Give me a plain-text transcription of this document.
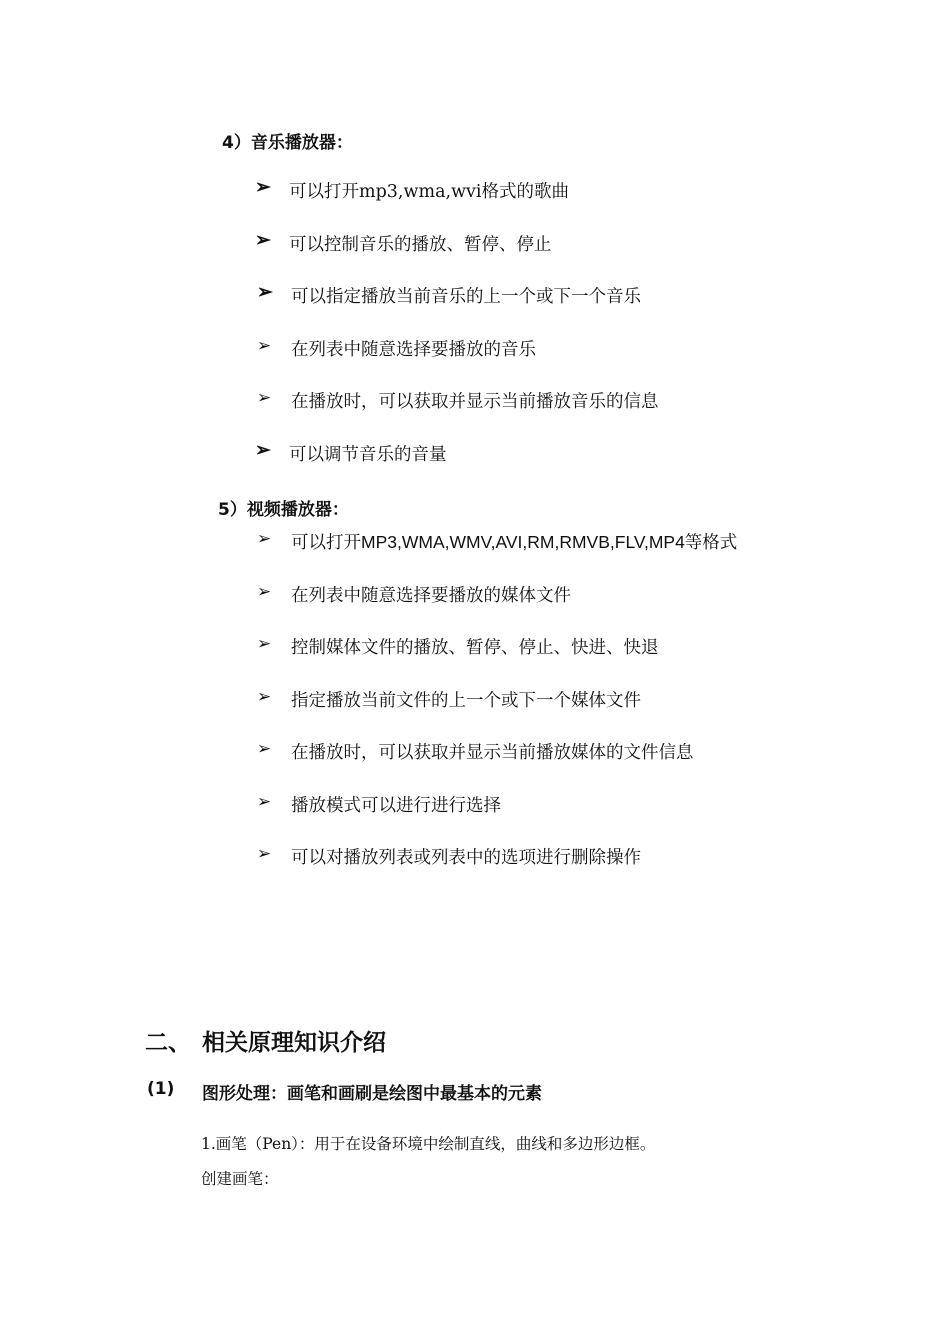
4）音乐播放器：
➢ 可以打开mp3,wma,wvi格式的歌曲
➢ 可以控制音乐的播放、暂停、停止
➢ 可以指定播放当前音乐的上一个或下一个音乐
➢ 在列表中随意选择要播放的音乐
➢ 在播放时，可以获取并显示当前播放音乐的信息
➢ 可以调节音乐的音量
5）视频播放器：
➢ 可以打开MP3,WMA,WMV,AVI,RM,RMVB,FLV,MP4等格式
➢ 在列表中随意选择要播放的媒体文件
➢ 控制媒体文件的播放、暂停、停止、快进、快退
➢ 指定播放当前文件的上一个或下一个媒体文件
➢ 在播放时，可以获取并显示当前播放媒体的文件信息
➢ 播放模式可以进行进行选择
➢ 可以对播放列表或列表中的选项进行删除操作
二、 相关原理知识介绍
(1) 图形处理：画笔和画刷是绘图中最基本的元素
1.画笔（Pen）：用于在设备环境中绘制直线，曲线和多边形边框。
创建画笔：
